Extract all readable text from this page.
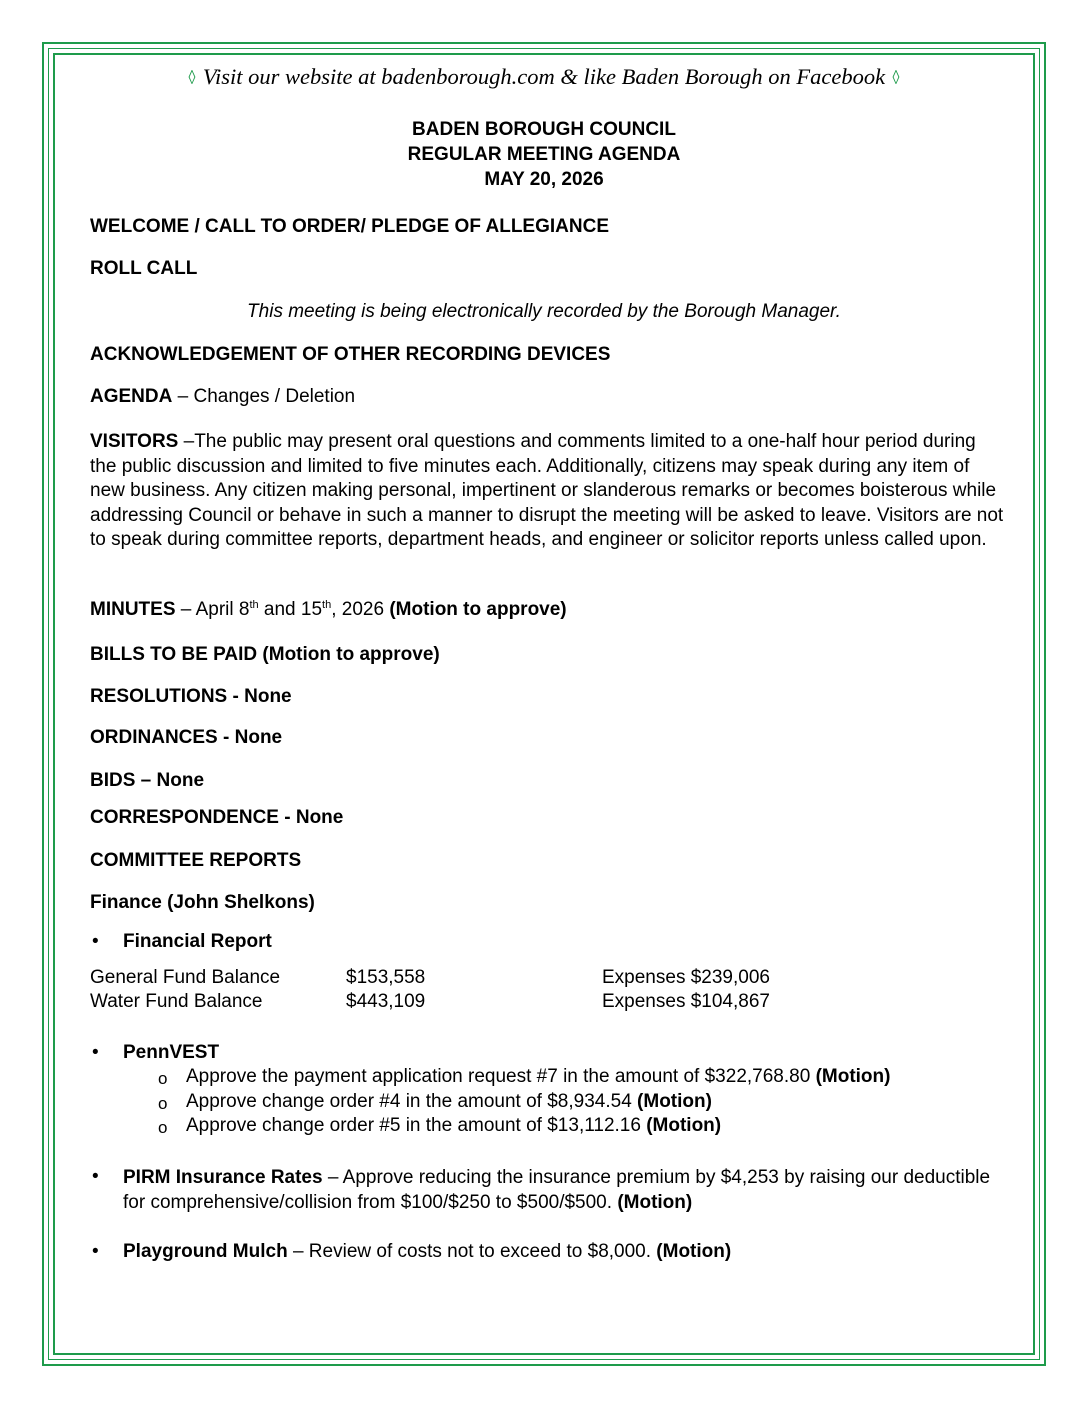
◊ Visit our website at badenborough.com & like Baden Borough on Facebook ◊
BADEN BOROUGH COUNCIL
REGULAR MEETING AGENDA
MAY 20, 2026
WELCOME / CALL TO ORDER/ PLEDGE OF ALLEGIANCE
ROLL CALL
This meeting is being electronically recorded by the Borough Manager.
ACKNOWLEDGEMENT OF OTHER RECORDING DEVICES
AGENDA – Changes / Deletion
VISITORS –The public may present oral questions and comments limited to a one-half hour period during the public discussion and limited to five minutes each. Additionally, citizens may speak during any item of new business. Any citizen making personal, impertinent or slanderous remarks or becomes boisterous while addressing Council or behave in such a manner to disrupt the meeting will be asked to leave. Visitors are not to speak during committee reports, department heads, and engineer or solicitor reports unless called upon.
MINUTES – April 8th and 15th, 2026 (Motion to approve)
BILLS TO BE PAID (Motion to approve)
RESOLUTIONS - None
ORDINANCES - None
BIDS – None
CORRESPONDENCE - None
COMMITTEE REPORTS
Finance (John Shelkons)
• Financial Report
General Fund Balance	$153,558	Expenses $239,006
Water Fund Balance	$443,109	Expenses $104,867
• PennVEST
o Approve the payment application request #7 in the amount of $322,768.80 (Motion)
o Approve change order #4 in the amount of $8,934.54 (Motion)
o Approve change order #5 in the amount of $13,112.16 (Motion)
• PIRM Insurance Rates – Approve reducing the insurance premium by $4,253 by raising our deductible for comprehensive/collision from $100/$250 to $500/$500. (Motion)
• Playground Mulch – Review of costs not to exceed to $8,000. (Motion)
